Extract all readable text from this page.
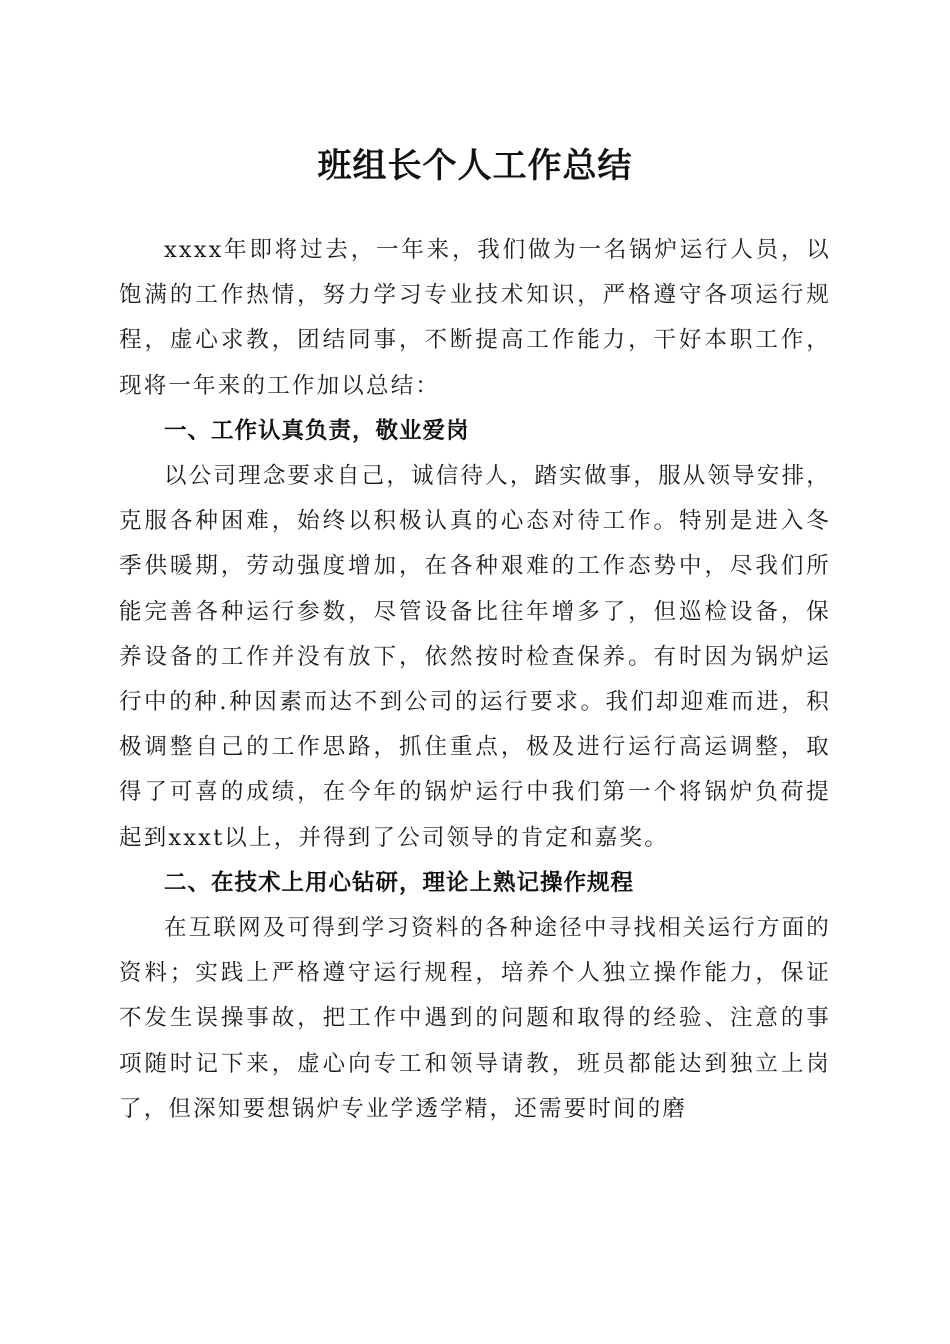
班组长个人工作总结

xxxx年即将过去，一年来，我们做为一名锅炉运行人员，以饱满的工作热情，努力学习专业技术知识，严格遵守各项运行规程，虚心求教，团结同事，不断提高工作能力，干好本职工作，现将一年来的工作加以总结：

一、工作认真负责，敬业爱岗

以公司理念要求自己，诚信待人，踏实做事，服从领导安排，克服各种困难，始终以积极认真的心态对待工作。特别是进入冬季供暖期，劳动强度增加，在各种艰难的工作态势中，尽我们所能完善各种运行参数，尽管设备比往年增多了，但巡检设备，保养设备的工作并没有放下，依然按时检查保养。有时因为锅炉运行中的种.种因素而达不到公司的运行要求。我们却迎难而进，积极调整自己的工作思路，抓住重点，极及进行运行高运调整，取得了可喜的成绩，在今年的锅炉运行中我们第一个将锅炉负荷提起到xxxt以上，并得到了公司领导的肯定和嘉奖。

二、在技术上用心钻研，理论上熟记操作规程

在互联网及可得到学习资料的各种途径中寻找相关运行方面的资料；实践上严格遵守运行规程，培养个人独立操作能力，保证不发生误操事故，把工作中遇到的问题和取得的经验、注意的事项随时记下来，虚心向专工和领导请教，班员都能达到独立上岗了，但深知要想锅炉专业学透学精，还需要时间的磨
